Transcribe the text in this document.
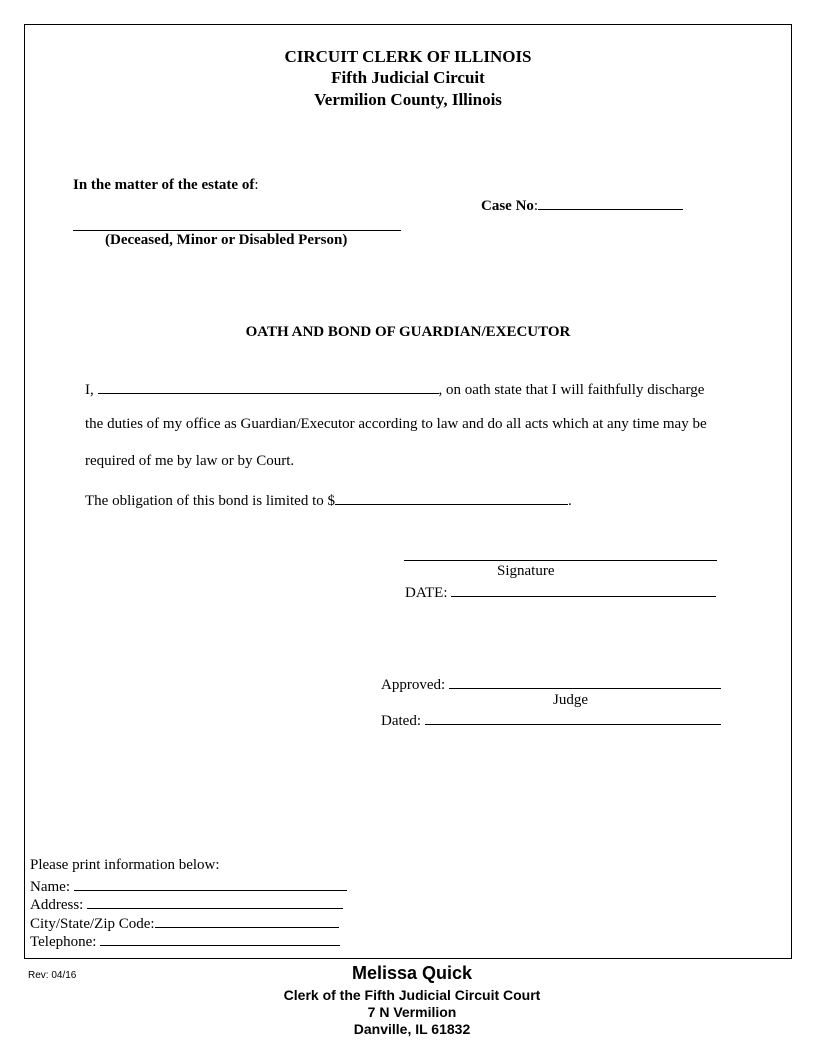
CIRCUIT CLERK OF ILLINOIS
Fifth Judicial Circuit
Vermilion County, Illinois
In the matter of the estate of:
Case No:
(Deceased, Minor or Disabled Person)
OATH AND BOND OF GUARDIAN/EXECUTOR
I,	, on oath state that I will faithfully discharge
the duties of my office as Guardian/Executor according to law and do all acts which at any time may be
required of me by law or by Court.
The obligation of this bond is limited to $	.
Signature
DATE:
Approved:
Judge
Dated:
Please print information below:
Name:
Address:
City/State/Zip Code:
Telephone:
Rev: 04/16	Melissa Quick
Clerk of the Fifth Judicial Circuit Court
7 N Vermilion
Danville, IL 61832
